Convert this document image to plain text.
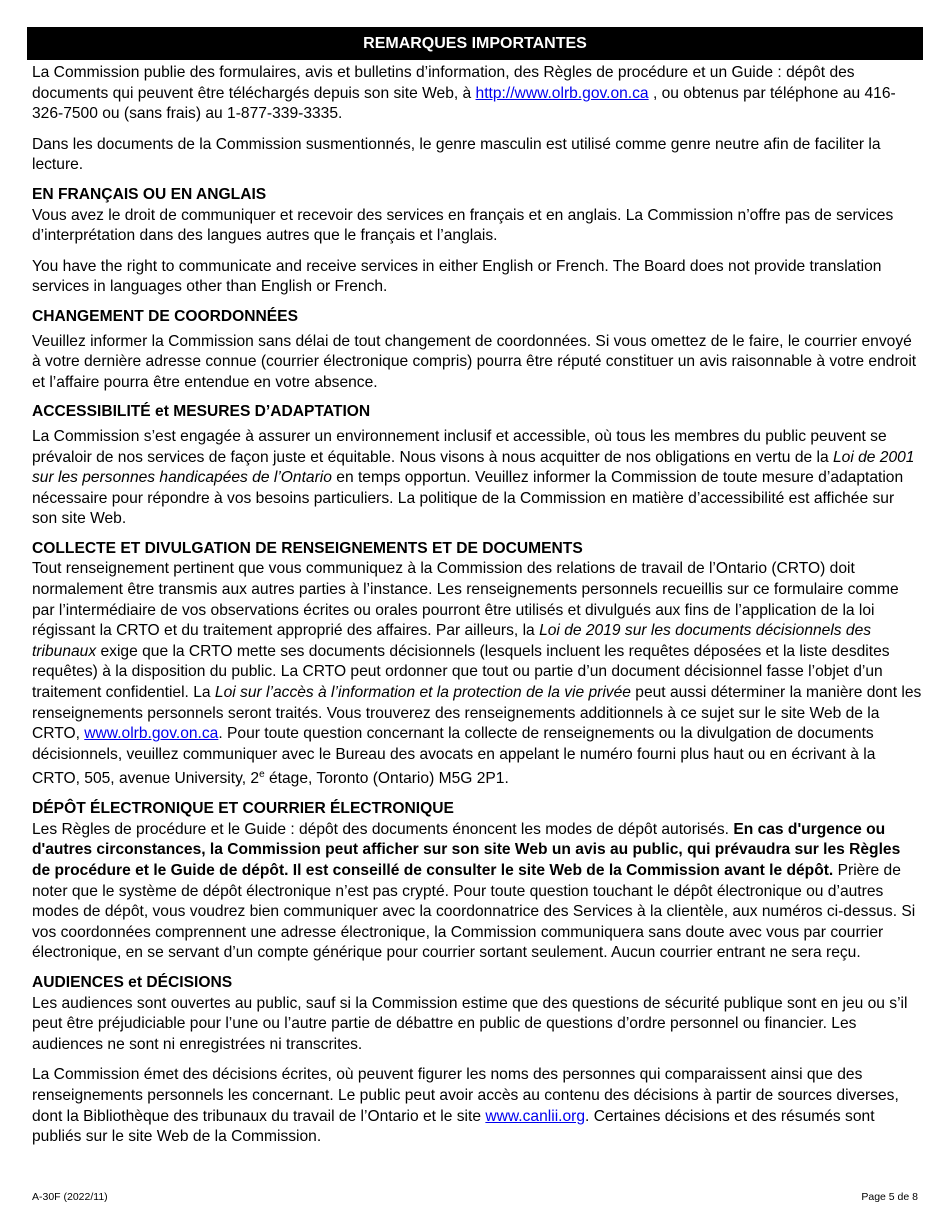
REMARQUES IMPORTANTES

La Commission publie des formulaires, avis et bulletins d’information, des Règles de procédure et un Guide : dépôt des documents qui peuvent être téléchargés depuis son site Web, à http://www.olrb.gov.on.ca , ou obtenus par téléphone au 416-326-7500 ou (sans frais) au 1-877-339-3335.

Dans les documents de la Commission susmentionnés, le genre masculin est utilisé comme genre neutre afin de faciliter la lecture.

EN FRANÇAIS OU EN ANGLAIS

Vous avez le droit de communiquer et recevoir des services en français et en anglais. La Commission n’offre pas de services d’interprétation dans des langues autres que le français et l’anglais.

You have the right to communicate and receive services in either English or French. The Board does not provide translation services in languages other than English or French.

CHANGEMENT DE COORDONNÉES

Veuillez informer la Commission sans délai de tout changement de coordonnées. Si vous omettez de le faire, le courrier envoyé à votre dernière adresse connue (courrier électronique compris) pourra être réputé constituer un avis raisonnable à votre endroit et l’affaire pourra être entendue en votre absence.

ACCESSIBILITÉ et MESURES D’ADAPTATION

La Commission s’est engagée à assurer un environnement inclusif et accessible, où tous les membres du public peuvent se prévaloir de nos services de façon juste et équitable. Nous visons à nous acquitter de nos obligations en vertu de la Loi de 2001 sur les personnes handicapées de l’Ontario en temps opportun. Veuillez informer la Commission de toute mesure d’adaptation nécessaire pour répondre à vos besoins particuliers. La politique de la Commission en matière d’accessibilité est affichée sur son site Web.

COLLECTE ET DIVULGATION DE RENSEIGNEMENTS ET DE DOCUMENTS

Tout renseignement pertinent que vous communiquez à la Commission des relations de travail de l’Ontario (CRTO) doit normalement être transmis aux autres parties à l’instance. Les renseignements personnels recueillis sur ce formulaire comme par l’intermédiaire de vos observations écrites ou orales pourront être utilisés et divulgués aux fins de l’application de la loi régissant la CRTO et du traitement approprié des affaires. Par ailleurs, la Loi de 2019 sur les documents décisionnels des tribunaux exige que la CRTO mette ses documents décisionnels (lesquels incluent les requêtes déposées et la liste desdites requêtes) à la disposition du public. La CRTO peut ordonner que tout ou partie d’un document décisionnel fasse l’objet d’un traitement confidentiel. La Loi sur l’accès à l’information et la protection de la vie privée peut aussi déterminer la manière dont les renseignements personnels seront traités. Vous trouverez des renseignements additionnels à ce sujet sur le site Web de la CRTO, www.olrb.gov.on.ca. Pour toute question concernant la collecte de renseignements ou la divulgation de documents décisionnels, veuillez communiquer avec le Bureau des avocats en appelant le numéro fourni plus haut ou en écrivant à la CRTO, 505, avenue University, 2e étage, Toronto (Ontario) M5G 2P1.

DÉPÔT ÉLECTRONIQUE ET COURRIER ÉLECTRONIQUE

Les Règles de procédure et le Guide : dépôt des documents énoncent les modes de dépôt autorisés. En cas d'urgence ou d'autres circonstances, la Commission peut afficher sur son site Web un avis au public, qui prévaudra sur les Règles de procédure et le Guide de dépôt. Il est conseillé de consulter le site Web de la Commission avant le dépôt. Prière de noter que le système de dépôt électronique n’est pas crypté. Pour toute question touchant le dépôt électronique ou d’autres modes de dépôt, vous voudrez bien communiquer avec la coordonnatrice des Services à la clientèle, aux numéros ci-dessus. Si vos coordonnées comprennent une adresse électronique, la Commission communiquera sans doute avec vous par courrier électronique, en se servant d’un compte générique pour courrier sortant seulement. Aucun courrier entrant ne sera reçu.

AUDIENCES et DÉCISIONS

Les audiences sont ouvertes au public, sauf si la Commission estime que des questions de sécurité publique sont en jeu ou s’il peut être préjudiciable pour l’une ou l’autre partie de débattre en public de questions d’ordre personnel ou financier. Les audiences ne sont ni enregistrées ni transcrites.

La Commission émet des décisions écrites, où peuvent figurer les noms des personnes qui comparaissent ainsi que des renseignements personnels les concernant. Le public peut avoir accès au contenu des décisions à partir de sources diverses, dont la Bibliothèque des tribunaux du travail de l’Ontario et le site www.canlii.org. Certaines décisions et des résumés sont publiés sur le site Web de la Commission.

A-30F (2022/11)	Page 5 de 8
